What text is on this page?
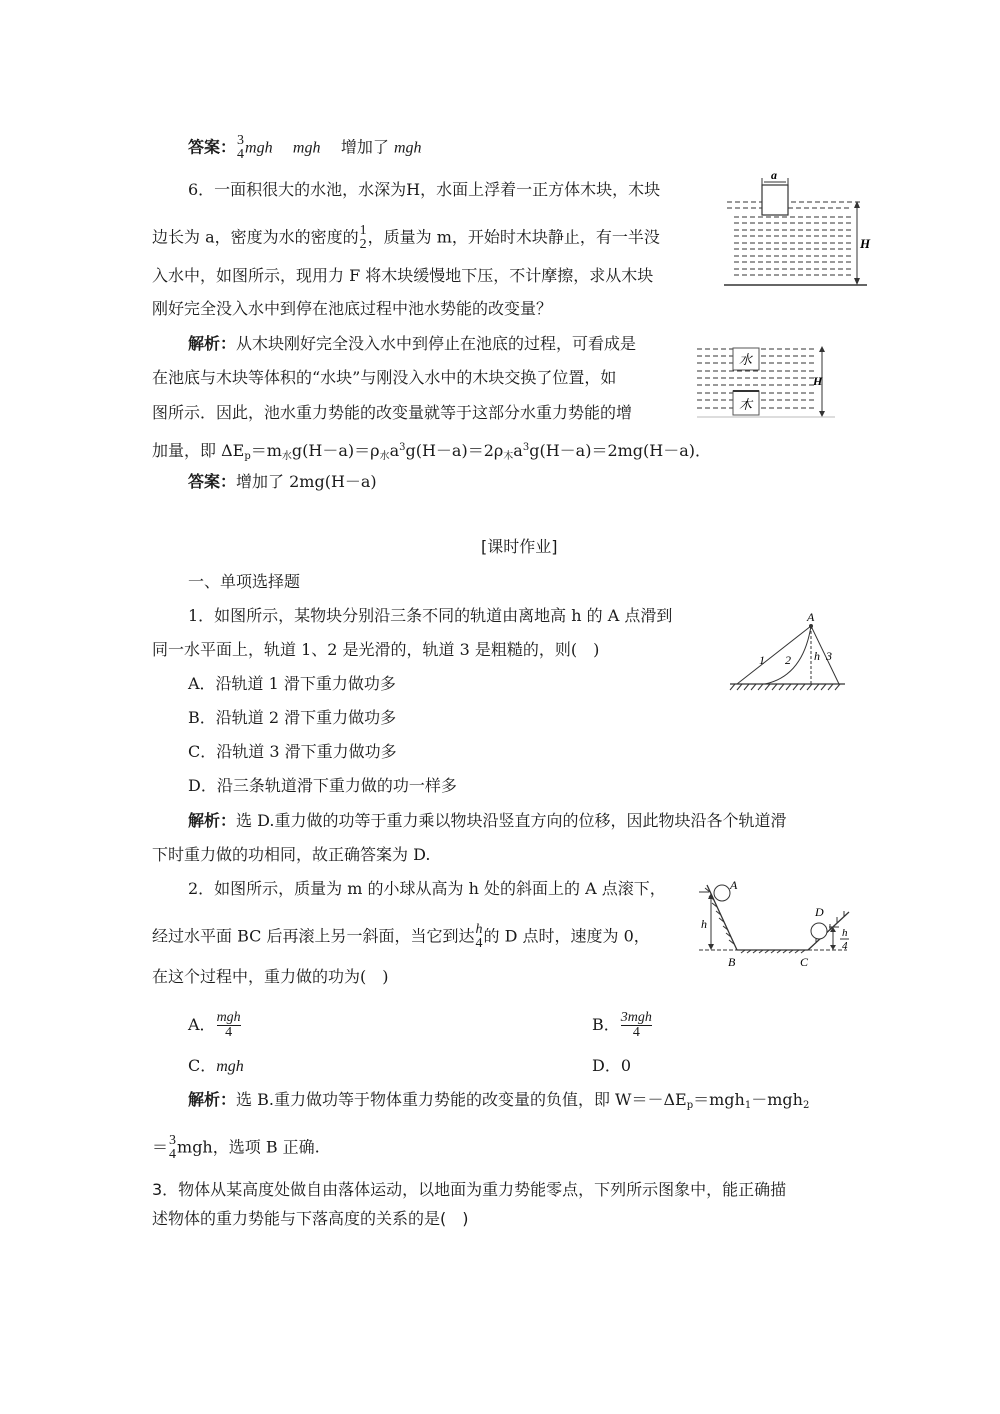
答案： 3
4 mgh mgh 增加了 mgh
6．一面积很大的水池，水深为H，水面上浮着一正方体木块，木块
边长为 a，密度为水的密度的 1
2 ，质量为 m，开始时木块静止，有一半没
入水中，如图所示，现用力 F 将木块缓慢地下压，不计摩擦，求从木块
刚好完全没入水中到停在池底过程中池水势能的改变量？
a
H
解析：从木块刚好完全没入水中到停止在池底的过程，可看成是
在池底与木块等体积的“水块”与刚没入水中的木块交换了位置，如
图所示．因此，池水重力势能的改变量就等于这部分水重力势能的增
加量，即 $\Delta E_p=m_水g(H-a)=\rho_水a^3g(H-a)=2\rho_木a^3g(H-a)=2mg(H-a)$．
水
木
H
答案：增加了 2mg(H－a)
[课时作业]
一、单项选择题
1．如图所示，某物块分别沿三条不同的轨道由离地高 h 的 A 点滑到
同一水平面上，轨道 1、2 是光滑的，轨道 3 是粗糙的，则(　)
A．沿轨道 1 滑下重力做功多
B．沿轨道 2 滑下重力做功多
C．沿轨道 3 滑下重力做功多
D．沿三条轨道滑下重力做的功一样多
A
1 2 h 3
解析：选 D.重力做的功等于重力乘以物块沿竖直方向的位移，因此物块沿各个轨道滑
下时重力做的功相同，故正确答案为 D.
2．如图所示，质量为 m 的小球从高为 h 处的斜面上的 A 点滚下，
经过水平面 BC 后再滚上另一斜面，当它到达 h
4 的 D 点时，速度为 0，
在这个过程中，重力做的功为(　)
A
h
D
h
4
B	C
A． $\frac{\text{mgh}}{4}$	B． $\frac{\text{3mgh}}{4}$
C．mgh	D．0
解析：选 B.重力做功等于物体重力势能的改变量的负值，即 $W=-\Delta E_p=mgh_1-mgh_2$
＝ 3
4 mgh，选项 B 正确.
3．物体从某高度处做自由落体运动，以地面为重力势能零点，下列所示图象中，能正确描
述物体的重力势能与下落高度的关系的是(　)
